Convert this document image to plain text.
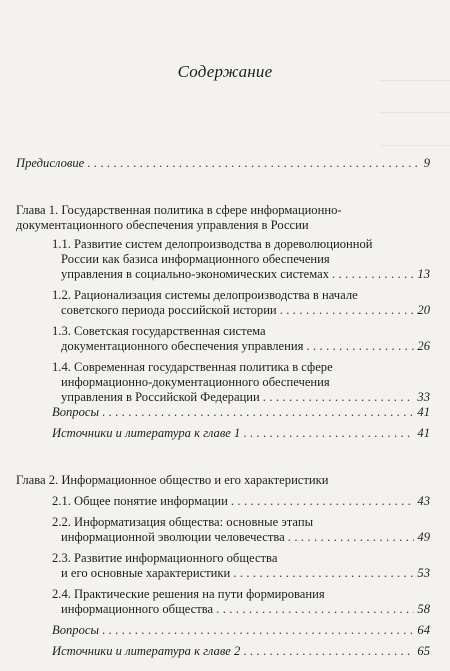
Содержание
Предисловие .....	9
Глава 1. Государственная политика в сфере информационно-
документационного обеспечения управления в России
1.1. Развитие систем делопроизводства в дореволюционной
России как базиса информационного обеспечения
управления в социально-экономических системах .....	13
1.2. Рационализация системы делопроизводства в начале
советского периода российской истории .....	20
1.3. Советская государственная система
документационного обеспечения управления .....	26
1.4. Современная государственная политика в сфере
информационно-документационного обеспечения
управления в Российской Федерации .....	33
Вопросы .....	41
Источники и литература к главе 1 .....	41
Глава 2. Информационное общество и его характеристики
2.1. Общее понятие информации .....	43
2.2. Информатизация общества: основные этапы
информационной эволюции человечества .....	49
2.3. Развитие информационного общества
и его основные характеристики .....	53
2.4. Практические решения на пути формирования
информационного общества .....	58
Вопросы .....	64
Источники и литература к главе 2 .....	65
